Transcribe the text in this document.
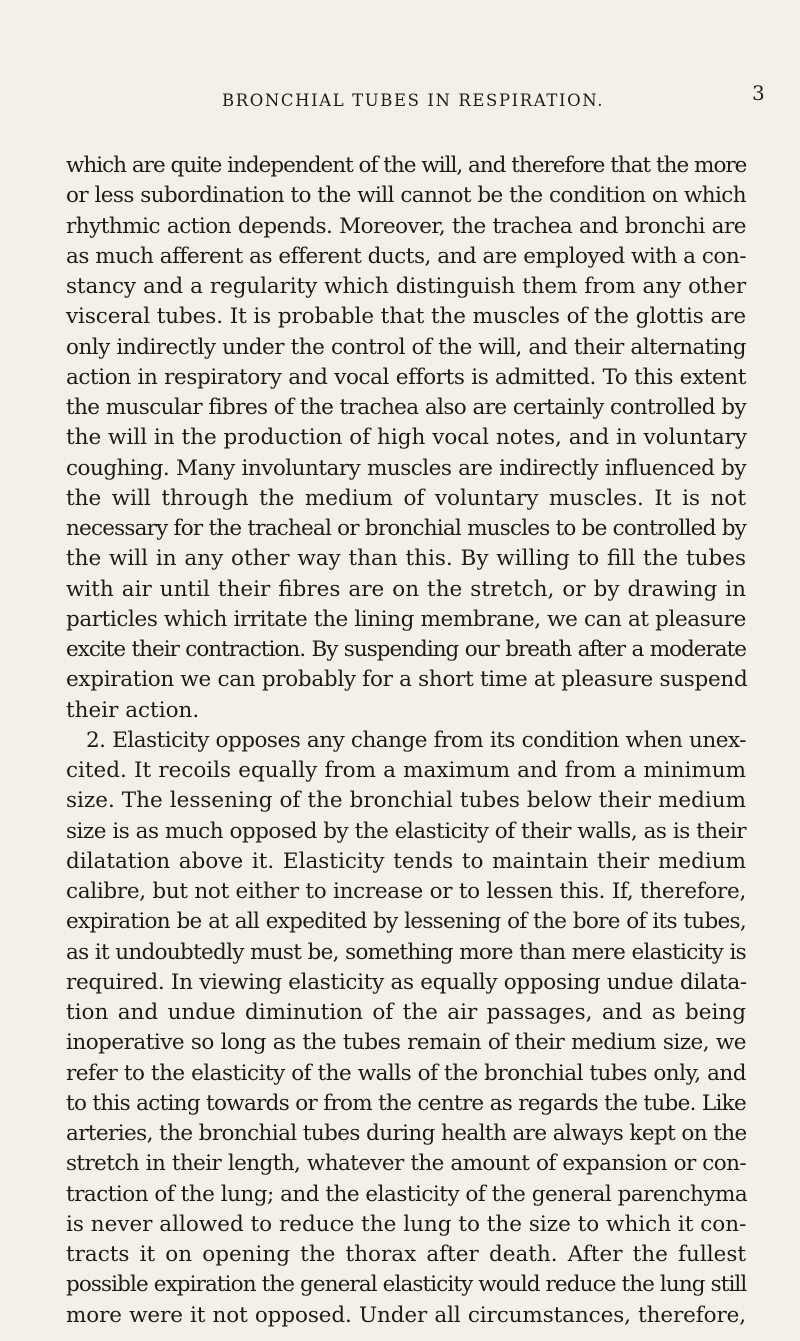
BRONCHIAL TUBES IN RESPIRATION.	3
which are quite independent of the will, and therefore that the more
or less subordination to the will cannot be the condition on which
rhythmic action depends. Moreover, the trachea and bronchi are
as much afferent as efferent ducts, and are employed with a con-
stancy and a regularity which distinguish them from any other
visceral tubes. It is probable that the muscles of the glottis are
only indirectly under the control of the will, and their alternating
action in respiratory and vocal efforts is admitted. To this extent
the muscular fibres of the trachea also are certainly controlled by
the will in the production of high vocal notes, and in voluntary
coughing. Many involuntary muscles are indirectly influenced by
the will through the medium of voluntary muscles. It is not
necessary for the tracheal or bronchial muscles to be controlled by
the will in any other way than this. By willing to fill the tubes
with air until their fibres are on the stretch, or by drawing in
particles which irritate the lining membrane, we can at pleasure
excite their contraction. By suspending our breath after a moderate
expiration we can probably for a short time at pleasure suspend
their action.
2. Elasticity opposes any change from its condition when unex-
cited. It recoils equally from a maximum and from a minimum
size. The lessening of the bronchial tubes below their medium
size is as much opposed by the elasticity of their walls, as is their
dilatation above it. Elasticity tends to maintain their medium
calibre, but not either to increase or to lessen this. If, therefore,
expiration be at all expedited by lessening of the bore of its tubes,
as it undoubtedly must be, something more than mere elasticity is
required. In viewing elasticity as equally opposing undue dilata-
tion and undue diminution of the air passages, and as being
inoperative so long as the tubes remain of their medium size, we
refer to the elasticity of the walls of the bronchial tubes only, and
to this acting towards or from the centre as regards the tube. Like
arteries, the bronchial tubes during health are always kept on the
stretch in their length, whatever the amount of expansion or con-
traction of the lung; and the elasticity of the general parenchyma
is never allowed to reduce the lung to the size to which it con-
tracts it on opening the thorax after death. After the fullest
possible expiration the general elasticity would reduce the lung still
more were it not opposed. Under all circumstances, therefore,
